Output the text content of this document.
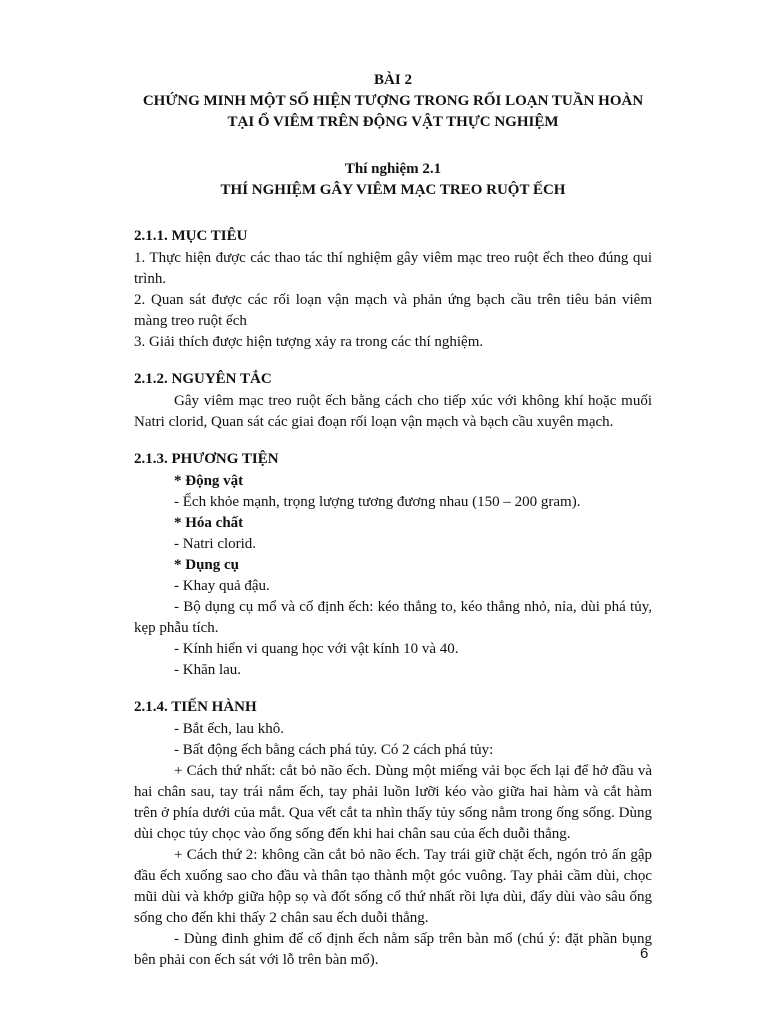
BÀI 2
CHỨNG MINH MỘT SỐ HIỆN TƯỢNG TRONG RỐI LOẠN TUẦN HOÀN
TẠI Ổ VIÊM TRÊN ĐỘNG VẬT THỰC NGHIỆM
Thí nghiệm 2.1
THÍ NGHIỆM GÂY VIÊM MẠC TREO RUỘT ẾCH
2.1.1. MỤC TIÊU

1. Thực hiện được các thao tác thí nghiệm gây viêm mạc treo ruột ếch theo đúng qui trình.

2. Quan sát được các rối loạn vận mạch và phản ứng bạch cầu trên tiêu bản viêm màng treo ruột ếch

3. Giải thích được hiện tượng xảy ra trong các thí nghiệm.

2.1.2. NGUYÊN TẮC

Gây viêm mạc treo ruột ếch bằng cách cho tiếp xúc với không khí hoặc muối Natri clorid, Quan sát các giai đoạn rối loạn vận mạch và bạch cầu xuyên mạch.

2.1.3. PHƯƠNG TIỆN
* Động vật

- Ếch khỏe mạnh, trọng lượng tương đương nhau (150 – 200 gram).

* Hóa chất

- Natri clorid.

* Dụng cụ

- Khay quả đậu.

- Bộ dụng cụ mổ và cố định ếch: kéo thẳng to, kéo thẳng nhỏ, nỉa, dùi phá tủy, kẹp phẫu tích.

- Kính hiển vi quang học với vật kính 10 và 40.

- Khăn lau.

2.1.4. TIẾN HÀNH

- Bắt ếch, lau khô.

- Bất động ếch bằng cách phá tủy. Có 2 cách phá tủy:

+ Cách thứ nhất: cắt bỏ não ếch. Dùng một miếng vải bọc ếch lại để hở đầu và hai chân sau, tay trái nắm ếch, tay phải luồn lưỡi kéo vào giữa hai hàm và cắt hàm trên ở phía dưới của mắt. Qua vết cắt ta nhìn thấy tủy sống nằm trong ống sống. Dùng dùi chọc tủy chọc vào ống sống đến khi hai chân sau của ếch duỗi thẳng.

+ Cách thứ 2: không cần cắt bỏ não ếch. Tay trái giữ chặt ếch, ngón trỏ ấn gập đầu ếch xuống sao cho đầu và thân tạo thành một góc vuông. Tay phải cầm dùi, chọc mũi dùi và khớp giữa hộp sọ và đốt sống cổ thứ nhất rồi lựa dùi, đẩy dùi vào sâu ống sống cho đến khi thấy 2 chân sau ếch duỗi thẳng.

- Dùng đinh ghim để cố định ếch nằm sấp trên bàn mổ (chú ý: đặt phần bụng bên phải con ếch sát với lỗ trên bàn mổ).	6
